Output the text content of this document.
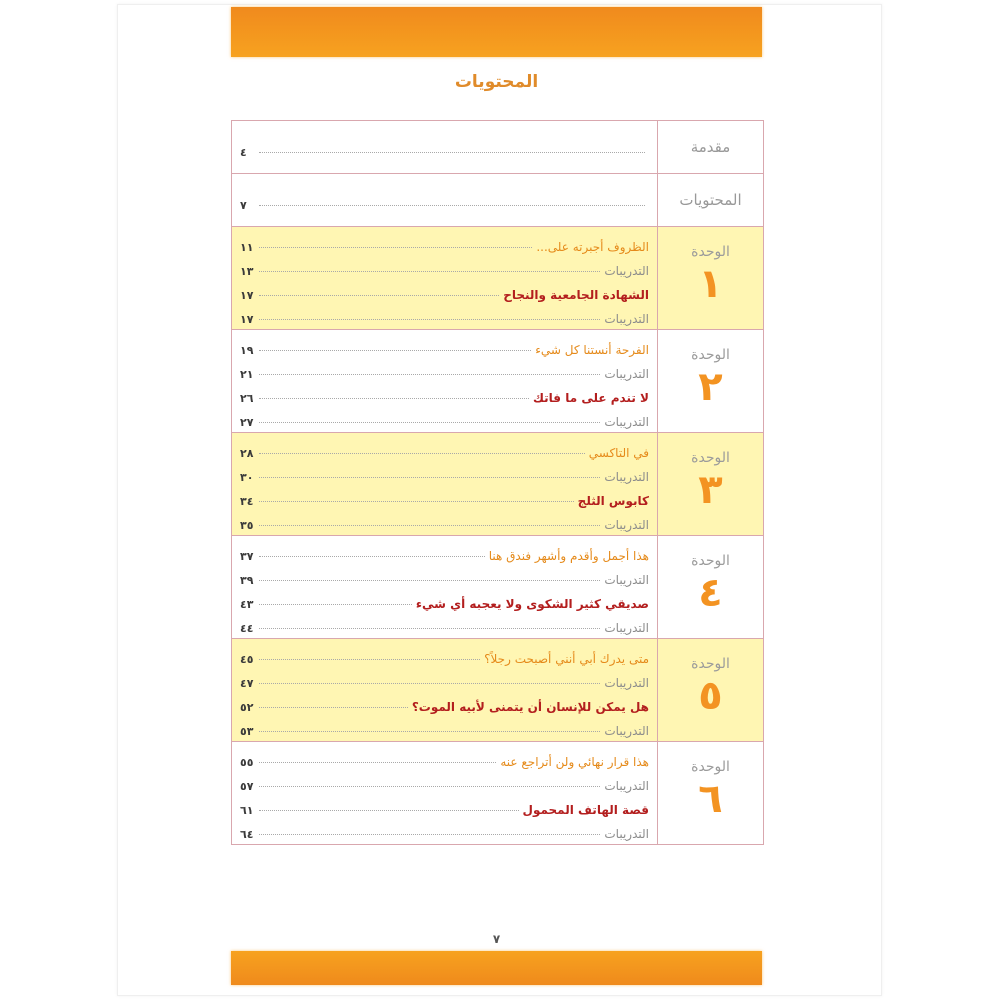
المحتويات
مقدمة
٤
المحتويات
٧
الوحدة
١
الظروف أجبرته على...
١١
التدريبات
١٣
الشهادة الجامعية والنجاح
١٧
التدريبات
١٧
الوحدة
٢
الفرحة أنستنا كل شيء
١٩
التدريبات
٢١
لا تندم على ما فاتك
٢٦
التدريبات
٢٧
الوحدة
٣
في التاكسي
٢٨
التدريبات
٣٠
كابوس الثلج
٣٤
التدريبات
٣٥
الوحدة
٤
هذا أجمل وأقدم وأشهر فندق هنا
٣٧
التدريبات
٣٩
صديقي كثير الشكوى ولا يعجبه أي شيء
٤٣
التدريبات
٤٤
الوحدة
٥
متى يدرك أبي أنني أصبحت رجلاً؟
٤٥
التدريبات
٤٧
هل يمكن للإنسان أن يتمنى لأبيه الموت؟
٥٢
التدريبات
٥٣
الوحدة
٦
هذا قرار نهائي ولن أتراجع عنه
٥٥
التدريبات
٥٧
قصة الهاتف المحمول
٦١
التدريبات
٦٤
٧
